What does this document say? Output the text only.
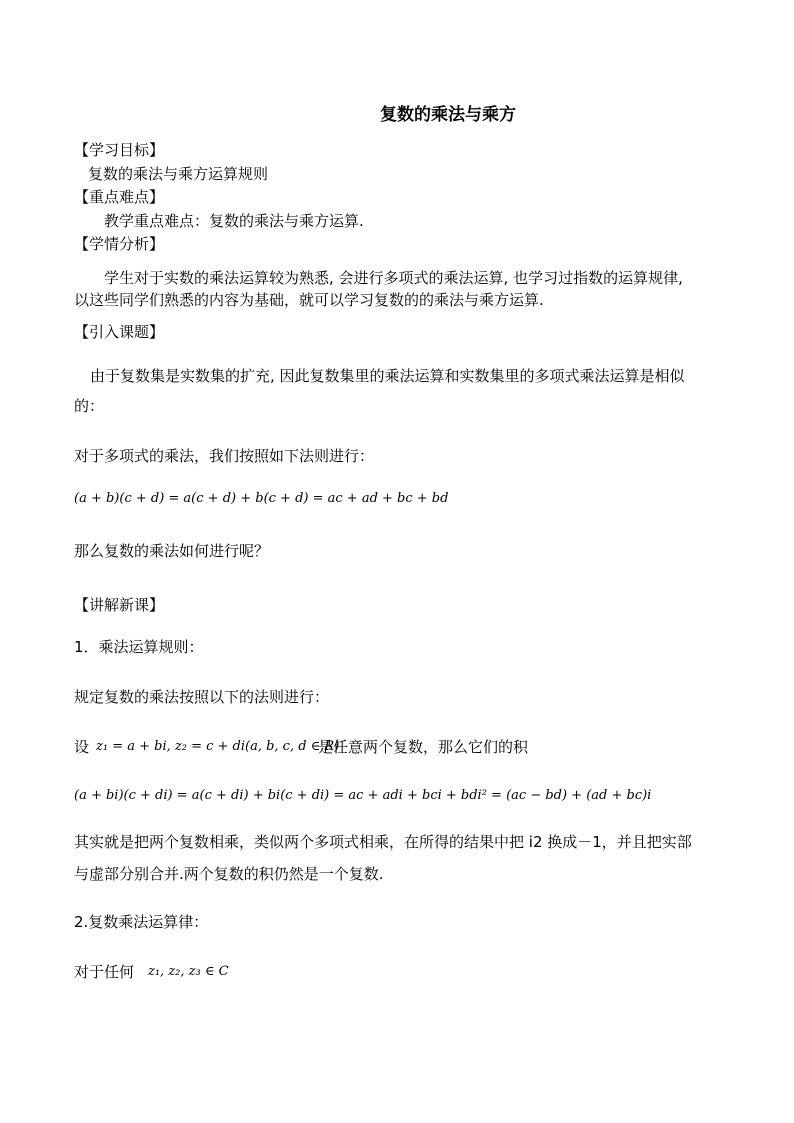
复数的乘法与乘方
【学习目标】
复数的乘法与乘方运算规则
【重点难点】
教学重点难点：复数的乘法与乘方运算.
【学情分析】
学生对于实数的乘法运算较为熟悉, 会进行多项式的乘法运算, 也学习过指数的运算规律,
以这些同学们熟悉的内容为基础，就可以学习复数的的乘法与乘方运算.
【引入课题】
由于复数集是实数集的扩充, 因此复数集里的乘法运算和实数集里的多项式乘法运算是相似
的：
对于多项式的乘法，我们按照如下法则进行：
(a + b)(c + d) = a(c + d) + b(c + d) = ac + ad + bc + bd
那么复数的乘法如何进行呢？
【讲解新课】
1．乘法运算规则：
规定复数的乘法按照以下的法则进行：
设 z₁ = a + bi, z₂ = c + di(a, b, c, d ∈ R)
是任意两个复数，那么它们的积
(a + bi)(c + di) = a(c + di) + bi(c + di) = ac + adi + bci + bdi² = (ac − bd) + (ad + bc)i
其实就是把两个复数相乘，类似两个多项式相乘，在所得的结果中把 i2 换成－1，并且把实部
与虚部分别合并.两个复数的积仍然是一个复数.
2.复数乘法运算律：
对于任何 z₁, z₂, z₃ ∈ C
